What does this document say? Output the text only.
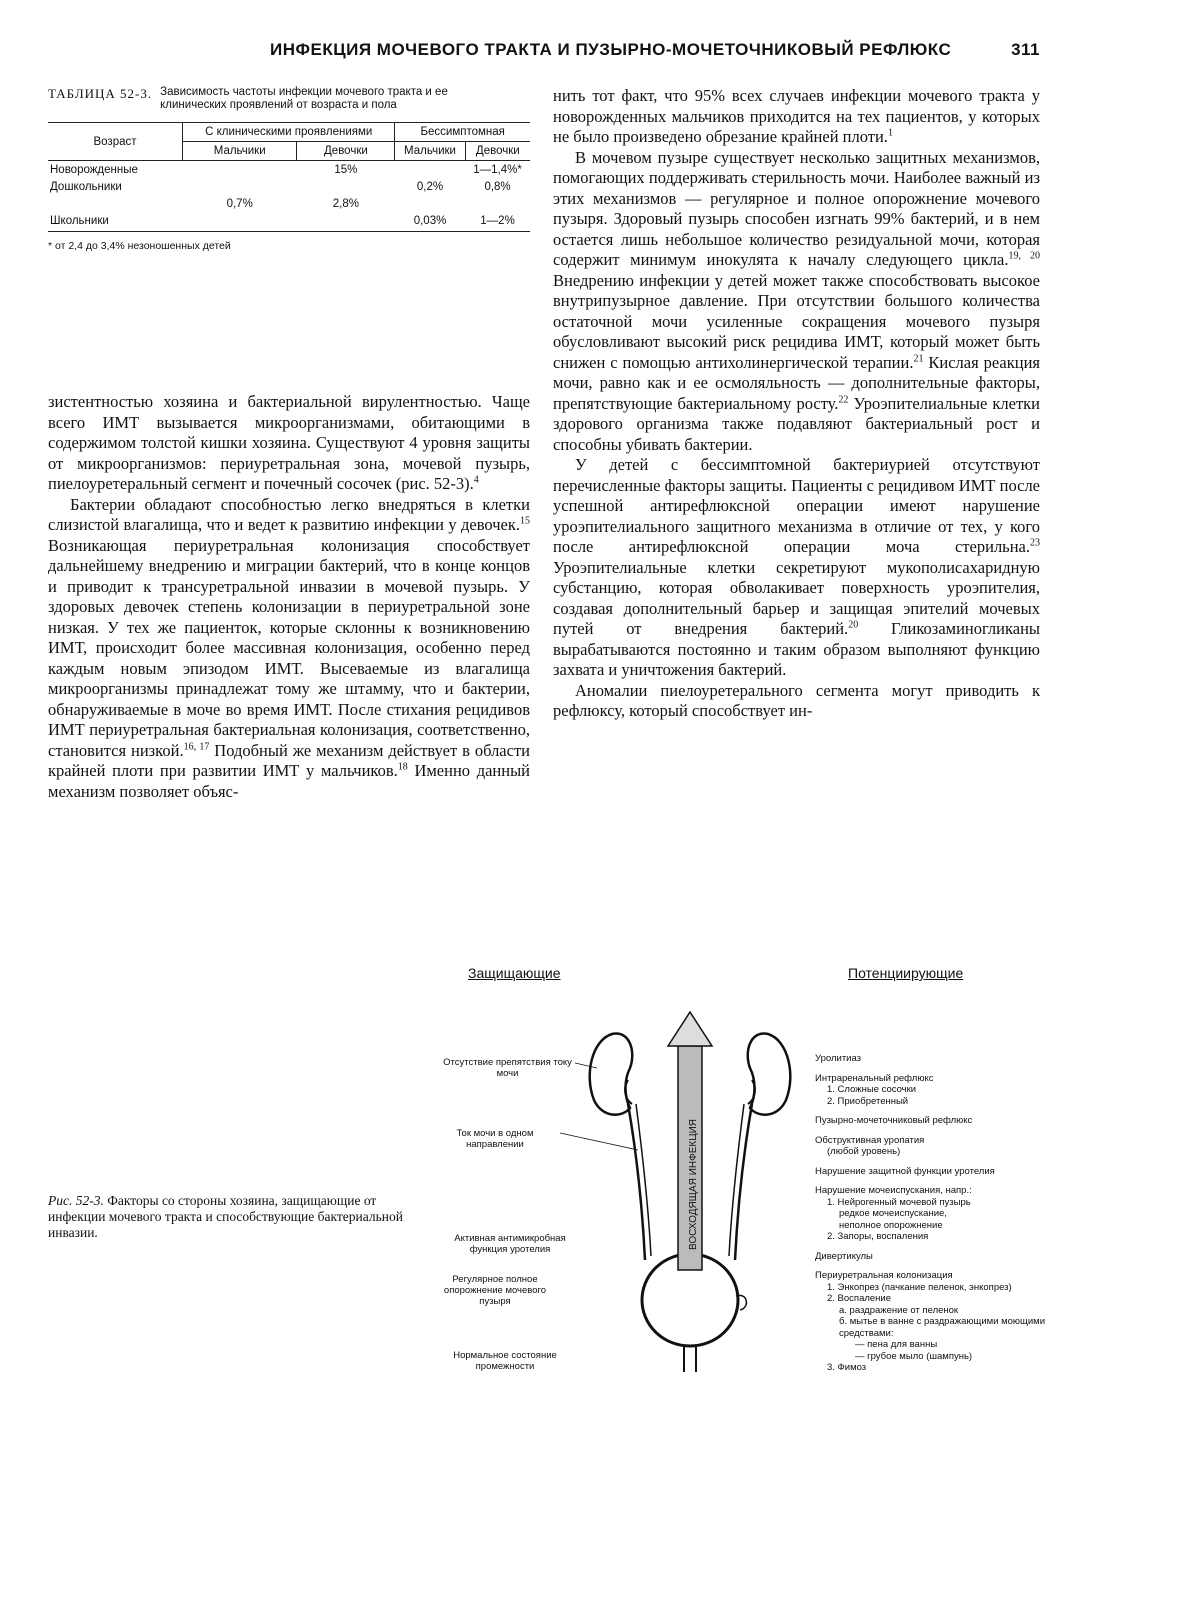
ИНФЕКЦИЯ МОЧЕВОГО ТРАКТА И ПУЗЫРНО-МОЧЕТОЧНИКОВЫЙ РЕФЛЮКС	311
ТАБЛИЦА 52-3. Зависимость частоты инфекции мочевого тракта и ее клинических проявлений от возраста и пола
Возраст	С клиническими проявлениями		Бессимптомная	
	Мальчики	Девочки	Мальчики	Девочки
Новорожденные		15%		1—1,4%*
Дошкольники			0,2%	0,8%
	0,7%	2,8%		
Школьники			0,03%	1—2%
* от 2,4 до 3,4% незоношенных детей

зистентностью хозяина и бактериальной вирулентностью. Чаще всего ИМТ вызывается микроорганизмами, обитающими в содержимом толстой кишки хозяина. Существуют 4 уровня защиты от микроорганизмов: периуретральная зона, мочевой пузырь, пиелоуретеральный сегмент и почечный сосочек (рис. 52-3).$^4$

Бактерии обладают способностью легко внедряться в клетки слизистой влагалища, что и ведет к развитию инфекции у девочек.$^{15}$ Возникающая периуретральная колонизация способствует дальнейшему внедрению и миграции бактерий, что в конце концов и приводит к трансуретральной инвазии в мочевой пузырь. У здоровых девочек степень колонизации в периуретральной зоне низкая. У тех же пациенток, которые склонны к возникновению ИМТ, происходит более массивная колонизация, особенно перед каждым новым эпизодом ИМТ. Высеваемые из влагалища микроорганизмы принадлежат тому же штамму, что и бактерии, обнаруживаемые в моче во время ИМТ. После стихания рецидивов ИМТ периуретральная бактериальная колонизация, соответственно, становится низкой.$^{16, 17}$ Подобный же механизм действует в области крайней плоти при развитии ИМТ у мальчиков.$^{18}$ Именно данный механизм позволяет объяс-

нить тот факт, что 95% всех случаев инфекции мочевого тракта у новорожденных мальчиков приходится на тех пациентов, у которых не было произведено обрезание крайней плоти.$^1$

В мочевом пузыре существует несколько защитных механизмов, помогающих поддерживать стерильность мочи. Наиболее важный из этих механизмов — регулярное и полное опорожнение мочевого пузыря. Здоровый пузырь способен изгнать 99% бактерий, и в нем остается лишь небольшое количество резидуальной мочи, которая содержит минимум инокулята к началу следующего цикла.$^{19, 20}$ Внедрению инфекции у детей может также способствовать высокое внутрипузырное давление. При отсутствии большого количества остаточной мочи усиленные сокращения мочевого пузыря обусловливают высокий риск рецидива ИМТ, который может быть снижен с помощью антихолинергической терапии.$^{21}$ Кислая реакция мочи, равно как и ее осмоляльность — дополнительные факторы, препятствующие бактериальному росту.$^{22}$ Уроэпителиальные клетки здорового организма также подавляют бактериальный рост и способны убивать бактерии.

У детей с бессимптомной бактериурией отсутствуют перечисленные факторы защиты. Пациенты с рецидивом ИМТ после успешной антирефлюксной операции имеют нарушение уроэпителиального защитного механизма в отличие от тех, у кого после антирефлюксной операции моча стерильна.$^{23}$ Уроэпителиальные клетки секретируют мукополисахаридную субстанцию, которая обволакивает поверхность уроэпителия, создавая дополнительный барьер и защищая эпителий мочевых путей от внедрения бактерий.$^{20}$ Гликозаминогликаны вырабатываются постоянно и таким образом выполняют функцию захвата и уничтожения бактерий.

Аномалии пиелоуретерального сегмента могут приводить к рефлюксу, который способствует ин-

Рис. 52-3. Факторы со стороны хозяина, защищающие от инфекции мочевого тракта и способствующие бактериальной инвазии.
Защищающие	Потенциирующие
Отсутствие препятствия току мочи
Ток мочи в одном направлении
Активная антимикробная функция уротелия
Регулярное полное опорожнение мочевого пузыря
Нормальное состояние промежности
Уролитиаз
Интраренальный рефлюкс
1. Сложные сосочки
2. Приобретенный
Пузырно-мочеточниковый рефлюкс
Обструктивная уропатия
(любой уровень)
Нарушение защитной функции уротелия
Нарушение мочеиспускания, напр.:
1. Нейрогенный мочевой пузырь
редкое мочеиспускание,
неполное опорожнение
2. Запоры, воспаления
Дивертикулы
Периуретральная колонизация
1. Энкопрез (пачкание пеленок, энкопрез)
2. Воспаление
а. раздражение от пеленок
б. мытье в ванне с раздражающими моющими средствами:
— пена для ванны
— грубое мыло (шампунь)
3. Фимоз
ВОСХОДЯЩАЯ ИНФЕКЦИЯ
